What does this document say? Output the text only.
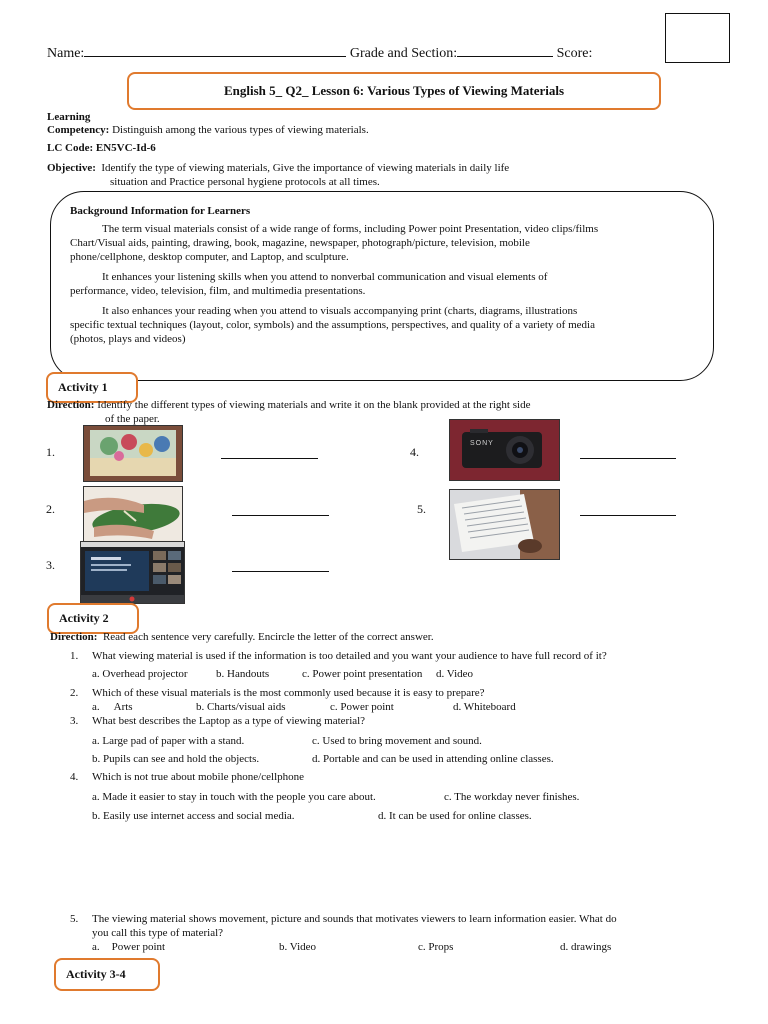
Name:	Grade and Section:	Score:
English 5_ Q2_ Lesson 6: Various Types of Viewing Materials
Learning
Competency: Distinguish among the various types of viewing materials.
LC Code: EN5VC-Id-6
Objective: Identify the type of viewing materials, Give the importance of viewing materials in daily life
situation and Practice personal hygiene protocols at all times.
Background Information for Learners
The term visual materials consist of a wide range of forms, including Power point Presentation, video clips/films
Chart/Visual aids, painting, drawing, book, magazine, newspaper, photograph/picture, television, mobile
phone/cellphone, desktop computer, and Laptop, and sculpture.
It enhances your listening skills when you attend to nonverbal communication and visual elements of
performance, video, television, film, and multimedia presentations.
It also enhances your reading when you attend to visuals accompanying print (charts, diagrams, illustrations
specific textual techniques (layout, color, symbols) and the assumptions, perspectives, and quality of a variety of media
(photos, plays and videos)
Activity 1
Direction: Identify the different types of viewing materials and write it on the blank provided at the right side
of the paper.
1.	4.
SONY
2.	5.
3.
Activity 2
Direction: Read each sentence very carefully. Encircle the letter of the correct answer.
1. What viewing material is used if the information is too detailed and you want your audience to have full record of it?
a. Overhead projector	b. Handouts	c. Power point presentation d. Video
2. Which of these visual materials is the most commonly used because it is easy to prepare?
a. Arts	b. Charts/visual aids	c. Power point	d. Whiteboard
3. What best describes the Laptop as a type of viewing material?
a. Large pad of paper with a stand.	c. Used to bring movement and sound.
b. Pupils can see and hold the objects.	d. Portable and can be used in attending online classes.
4. Which is not true about mobile phone/cellphone
a. Made it easier to stay in touch with the people you care about.	c. The workday never finishes.
b. Easily use internet access and social media.	d. It can be used for online classes.
5. The viewing material shows movement, picture and sounds that motivates viewers to learn information easier. What do
you call this type of material?
a. Power point	b. Video	c. Props	d. drawings
Activity 3-4
